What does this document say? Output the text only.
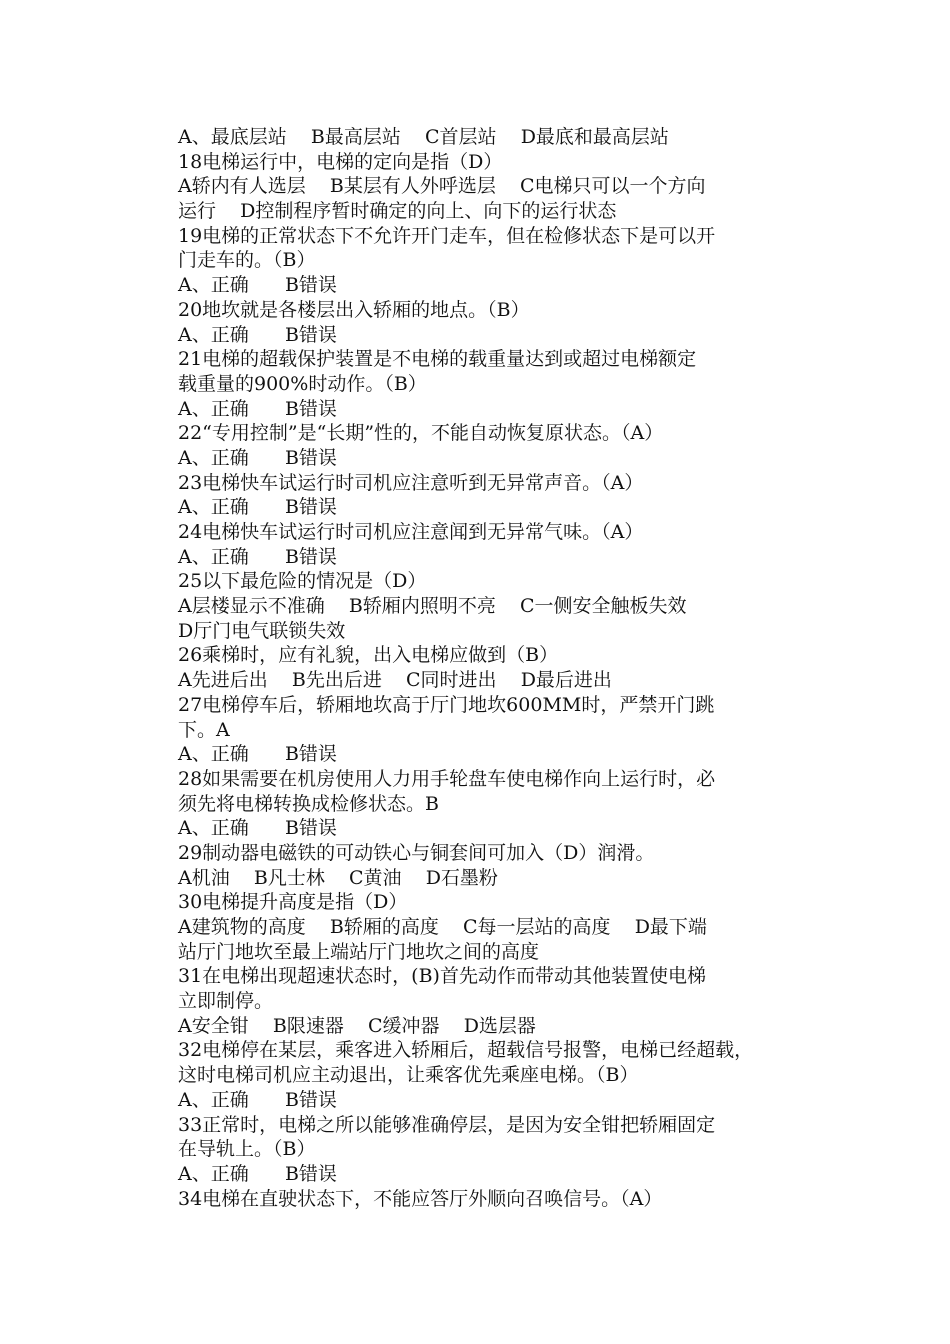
A、最底层站    B最高层站    C首层站    D最底和最高层站
18电梯运行中，电梯的定向是指（D）
A轿内有人选层    B某层有人外呼选层    C电梯只可以一个方向
运行    D控制程序暂时确定的向上、向下的运行状态
19电梯的正常状态下不允许开门走车，但在检修状态下是可以开
门走车的。（B）
A、正确      B错误
20地坎就是各楼层出入轿厢的地点。（B）
A、正确      B错误
21电梯的超载保护装置是不电梯的载重量达到或超过电梯额定
载重量的900%时动作。（B）
A、正确      B错误
22“专用控制”是“长期”性的，不能自动恢复原状态。（A）
A、正确      B错误
23电梯快车试运行时司机应注意听到无异常声音。（A）
A、正确      B错误
24电梯快车试运行时司机应注意闻到无异常气味。（A）
A、正确      B错误
25以下最危险的情况是（D）
A层楼显示不准确    B轿厢内照明不亮    C一侧安全触板失效
D厅门电气联锁失效
26乘梯时，应有礼貌，出入电梯应做到（B）
A先进后出    B先出后进    C同时进出    D最后进出
27电梯停车后，轿厢地坎高于厅门地坎600MM时，严禁开门跳
下。A
A、正确      B错误
28如果需要在机房使用人力用手轮盘车使电梯作向上运行时，必
须先将电梯转换成检修状态。B
A、正确      B错误
29制动器电磁铁的可动铁心与铜套间可加入（D）润滑。
A机油    B凡士林    C黄油    D石墨粉
30电梯提升高度是指（D）
A建筑物的高度    B轿厢的高度    C每一层站的高度    D最下端
站厅门地坎至最上端站厅门地坎之间的高度
31在电梯出现超速状态时，(B)首先动作而带动其他装置使电梯
立即制停。
A安全钳    B限速器    C缓冲器    D选层器
32电梯停在某层，乘客进入轿厢后，超载信号报警，电梯已经超载，
这时电梯司机应主动退出，让乘客优先乘座电梯。（B）
A、正确      B错误
33正常时，电梯之所以能够准确停层，是因为安全钳把轿厢固定
在导轨上。（B）
A、正确      B错误
34电梯在直驶状态下，不能应答厅外顺向召唤信号。（A）
